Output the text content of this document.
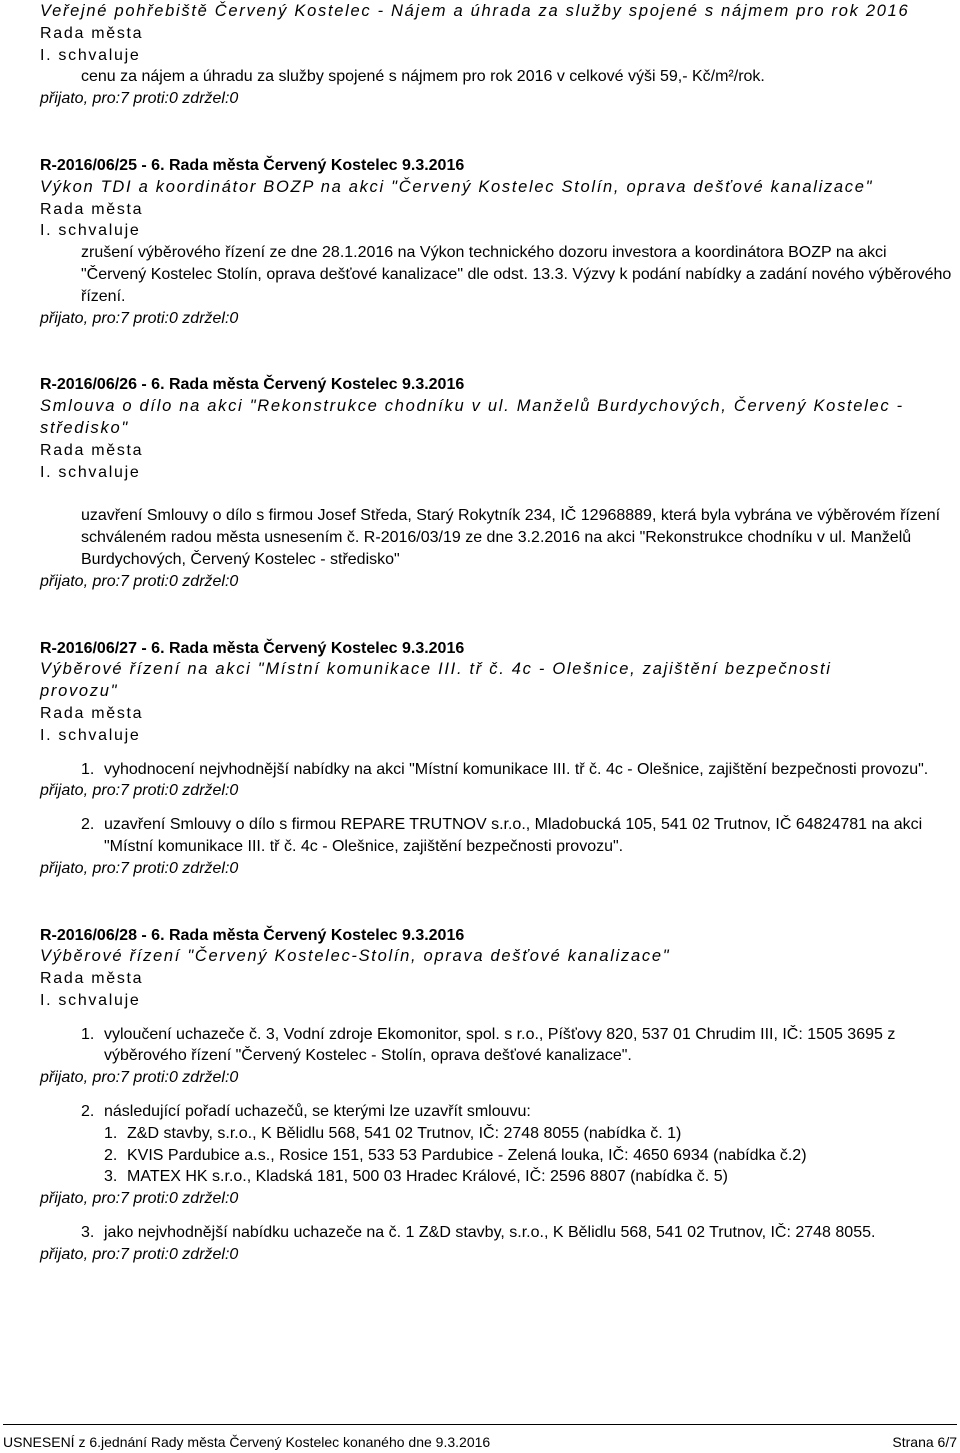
Veřejné pohřebiště Červený Kostelec - Nájem a úhrada za služby spojené s nájmem pro rok 2016
Rada města
I. schvaluje
cenu za nájem a úhradu za služby spojené s nájmem pro rok 2016 v celkové výši 59,- Kč/m²/rok.
přijato, pro:7 proti:0 zdržel:0
R-2016/06/25 - 6. Rada města Červený Kostelec 9.3.2016
Výkon TDI a koordinátor BOZP na akci "Červený Kostelec Stolín, oprava dešťové kanalizace"
Rada města
I. schvaluje
zrušení výběrového řízení ze dne 28.1.2016 na Výkon technického dozoru investora a koordinátora BOZP na akci "Červený Kostelec Stolín, oprava dešťové kanalizace" dle odst. 13.3. Výzvy k podání nabídky a zadání nového výběrového řízení.
přijato, pro:7 proti:0 zdržel:0
R-2016/06/26 - 6. Rada města Červený Kostelec 9.3.2016
Smlouva o dílo na akci "Rekonstrukce chodníku v ul. Manželů Burdychových, Červený Kostelec - středisko"
Rada města
I. schvaluje
uzavření Smlouvy o dílo s firmou Josef Středa, Starý Rokytník 234, IČ 12968889, která byla vybrána ve výběrovém řízení schváleném radou města usnesením č. R-2016/03/19 ze dne 3.2.2016 na akci "Rekonstrukce chodníku v ul. Manželů Burdychových, Červený Kostelec - středisko"
přijato, pro:7 proti:0 zdržel:0
R-2016/06/27 - 6. Rada města Červený Kostelec 9.3.2016
Výběrové řízení na akci "Místní komunikace III. tř č. 4c - Olešnice, zajištění bezpečnosti provozu"
Rada města
I. schvaluje
1. vyhodnocení nejvhodnější nabídky na akci "Místní komunikace III. tř č. 4c - Olešnice, zajištění bezpečnosti provozu".
přijato, pro:7 proti:0 zdržel:0
2. uzavření Smlouvy o dílo s firmou REPARE TRUTNOV s.r.o., Mladobucká 105, 541 02 Trutnov, IČ 64824781 na akci "Místní komunikace III. tř č. 4c - Olešnice, zajištění bezpečnosti provozu".
přijato, pro:7 proti:0 zdržel:0
R-2016/06/28 - 6. Rada města Červený Kostelec 9.3.2016
Výběrové řízení "Červený Kostelec-Stolín, oprava dešťové kanalizace"
Rada města
I. schvaluje
1. vyloučení uchazeče č. 3, Vodní zdroje Ekomonitor, spol. s r.o., Píšťovy 820, 537 01 Chrudim III, IČ: 1505 3695 z výběrového řízení "Červený Kostelec - Stolín, oprava dešťové kanalizace".
přijato, pro:7 proti:0 zdržel:0
2. následující pořadí uchazečů, se kterými lze uzavřít smlouvu:
1. Z&D stavby, s.r.o., K Bělidlu 568, 541 02 Trutnov, IČ: 2748 8055 (nabídka č. 1)
2. KVIS Pardubice a.s., Rosice 151, 533 53 Pardubice - Zelená louka, IČ: 4650 6934 (nabídka č.2)
3. MATEX HK s.r.o., Kladská 181, 500 03 Hradec Králové, IČ: 2596 8807 (nabídka č. 5)
přijato, pro:7 proti:0 zdržel:0
3. jako nejvhodnější nabídku uchazeče na č. 1 Z&D stavby, s.r.o., K Bělidlu 568, 541 02 Trutnov, IČ: 2748 8055.
přijato, pro:7 proti:0 zdržel:0
USNESENÍ z 6.jednání Rady města Červený Kostelec konaného dne 9.3.2016	Strana 6/7
